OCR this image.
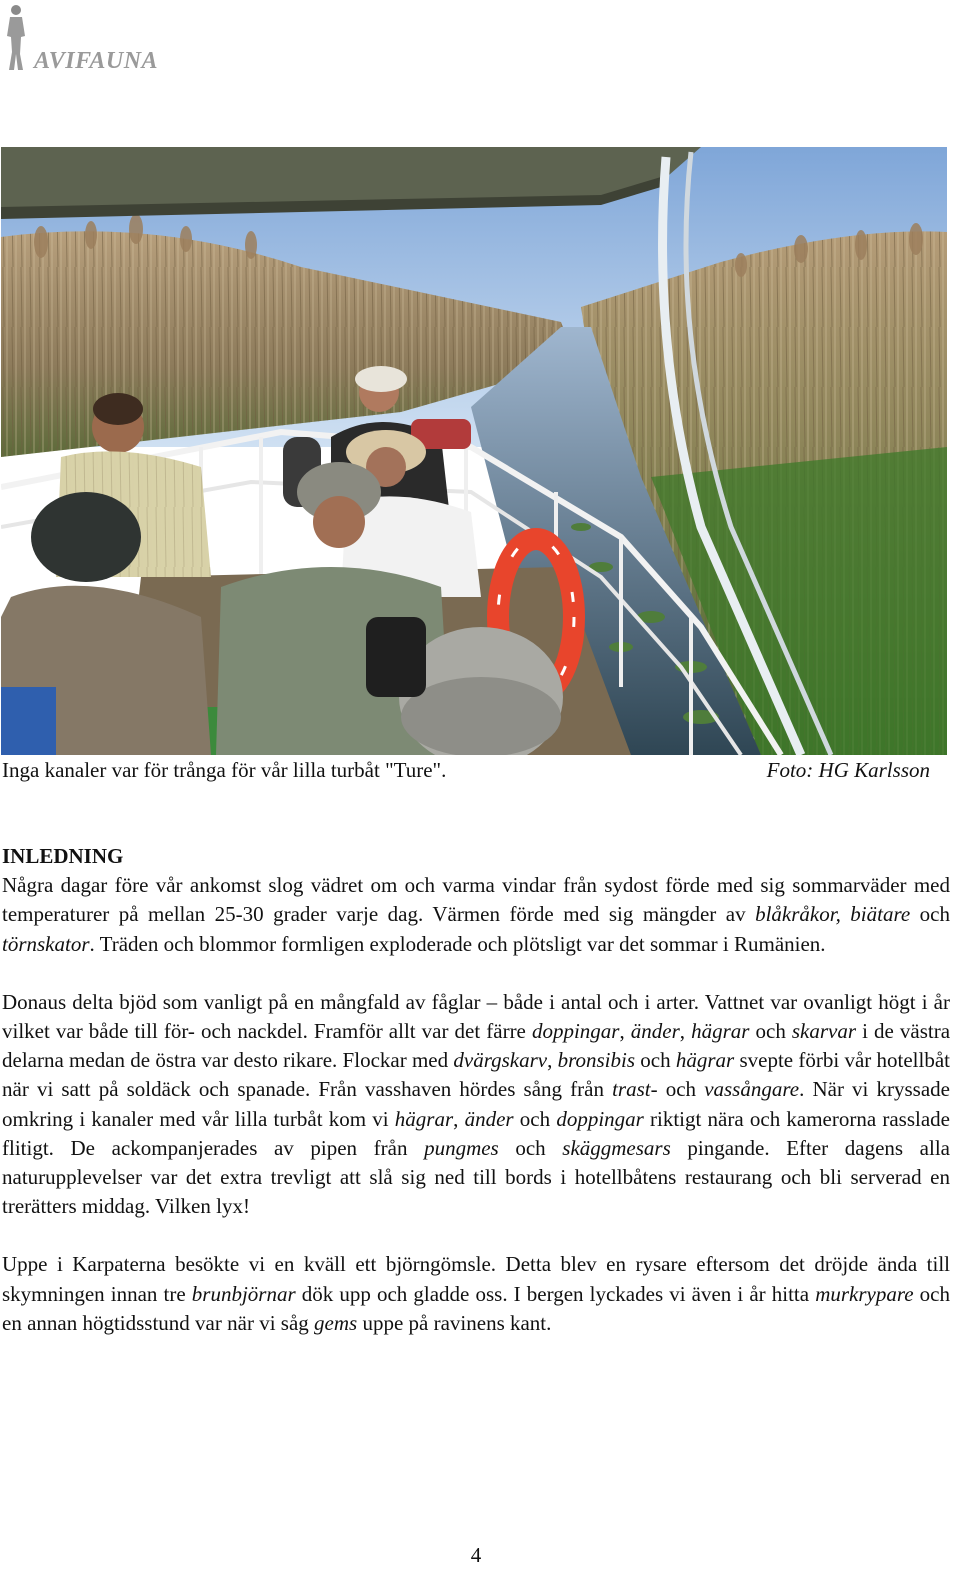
AVIFAUNA
Inga kanaler var för trånga för vår lilla turbåt "Ture".	Foto: HG Karlsson
INLEDNING

Några dagar före vår ankomst slog vädret om och varma vindar från sydost förde med sig sommarväder med temperaturer på mellan 25-30 grader varje dag. Värmen förde med sig mängder av blåkråkor, biätare och törnskator. Träden och blommor formligen exploderade och plötsligt var det sommar i Rumänien.

Donaus delta bjöd som vanligt på en mångfald av fåglar – både i antal och i arter. Vattnet var ovanligt högt i år vilket var både till för- och nackdel. Framför allt var det färre doppingar, änder, hägrar och skarvar i de västra delarna medan de östra var desto rikare. Flockar med dvärgskarv, bronsibis och hägrar svepte förbi vår hotellbåt när vi satt på soldäck och spanade. Från vasshaven hördes sång från trast- och vassångare. När vi kryssade omkring i kanaler med vår lilla turbåt kom vi hägrar, änder och doppingar riktigt nära och kamerorna rasslade flitigt. De ackompanjerades av pipen från pungmes och skäggmesars pingande. Efter dagens alla naturupplevelser var det extra trevligt att slå sig ned till bords i hotellbåtens restaurang och bli serverad en trerätters middag. Vilken lyx!

Uppe i Karpaterna besökte vi en kväll ett björngömsle. Detta blev en rysare eftersom det dröjde ända till skymningen innan tre brunbjörnar dök upp och gladde oss. I bergen lyckades vi även i år hitta murkrypare och en annan högtidsstund var när vi såg gems uppe på ravinens kant.

4
